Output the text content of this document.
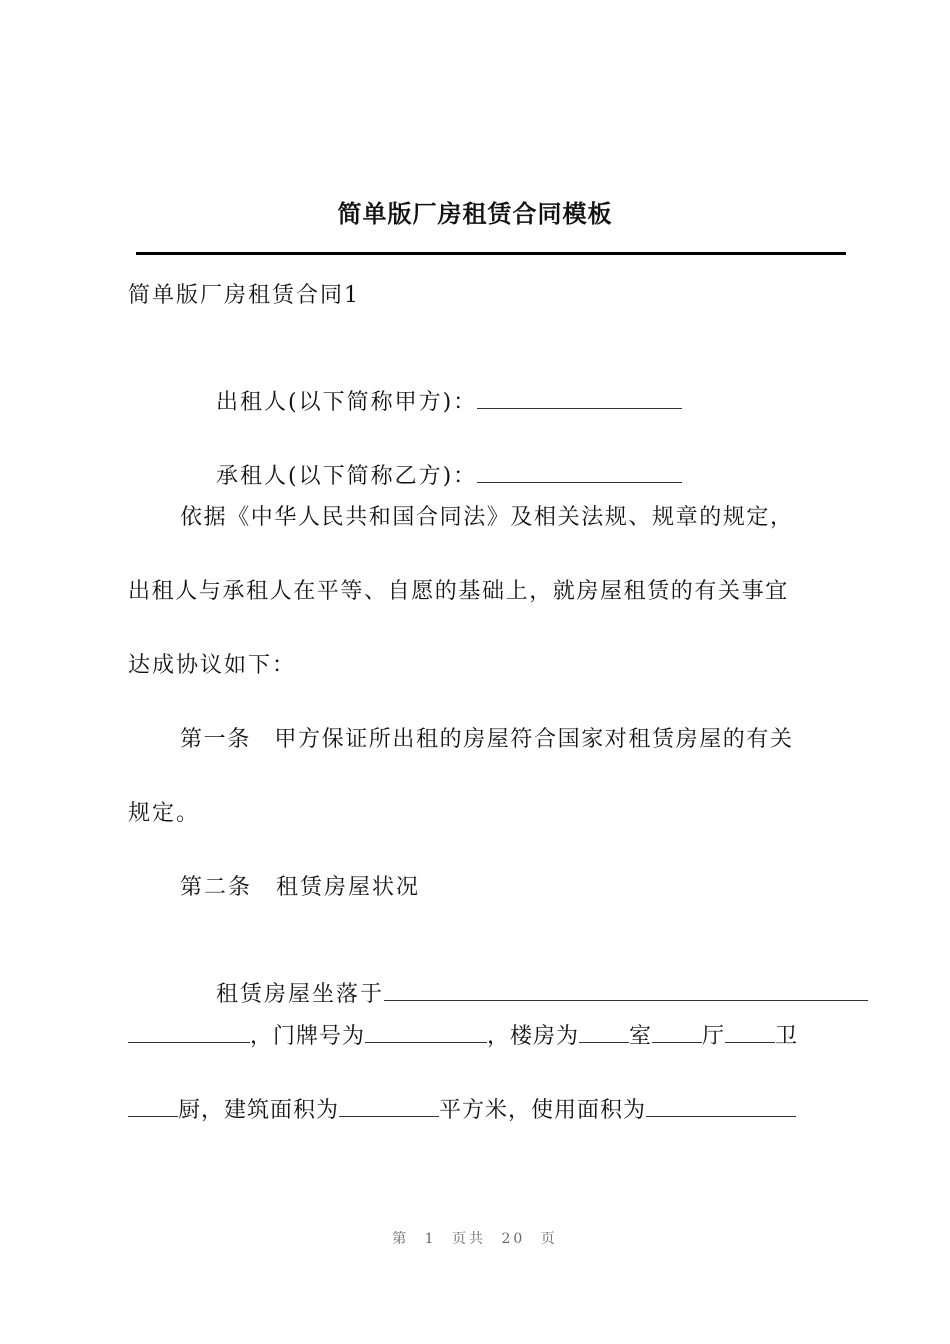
简单版厂房租赁合同模板
简单版厂房租赁合同1

出租人(以下简称甲方)：

承租人(以下简称乙方)：

依据《中华人民共和国合同法》及相关法规、规章的规定，
出租人与承租人在平等、自愿的基础上，就房屋租赁的有关事宜
达成协议如下：
第一条　甲方保证所出租的房屋符合国家对租赁房屋的有关
规定。
第二条　租赁房屋状况

租赁房屋坐落于

，门牌号为	，楼房为 室 厅 卫
厨，建筑面积为	平方米，使用面积为
第 1 页共 20 页
